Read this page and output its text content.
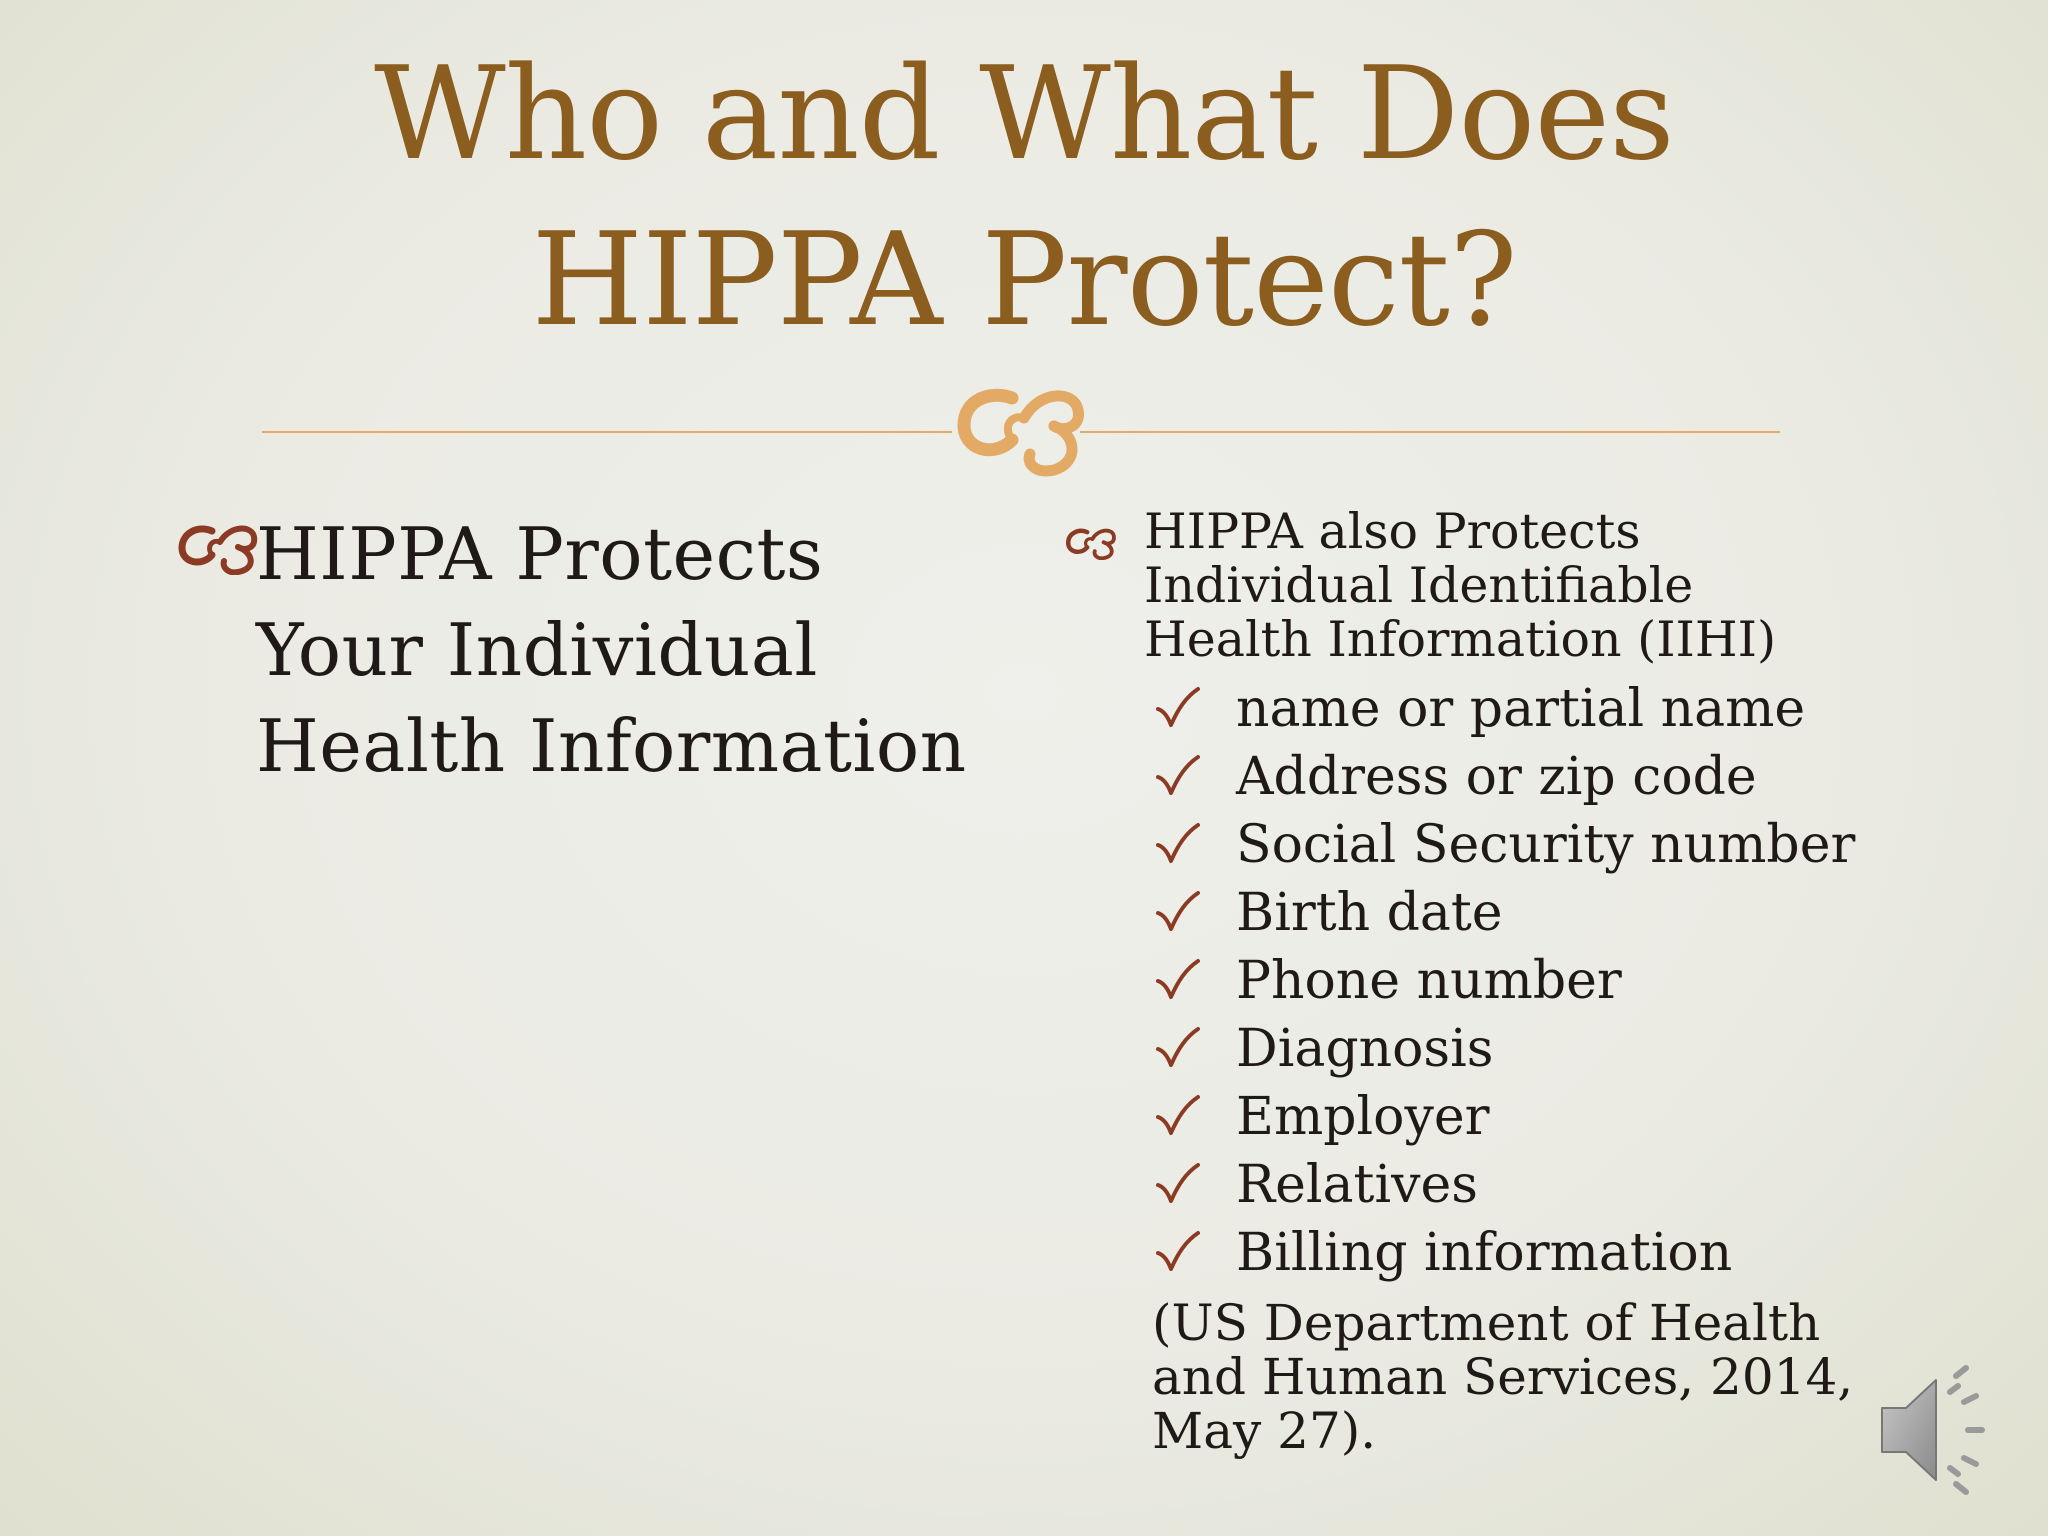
Who and What Does
HIPPA Protect?
HIPPA Protects
Your Individual
Health Information
HIPPA also Protects
Individual Identifiable
Health Information (IIHI)
name or partial name
Address or zip code
Social Security number
Birth date
Phone number
Diagnosis
Employer
Relatives
Billing information
(US Department of Health
and Human Services, 2014,
May 27).
